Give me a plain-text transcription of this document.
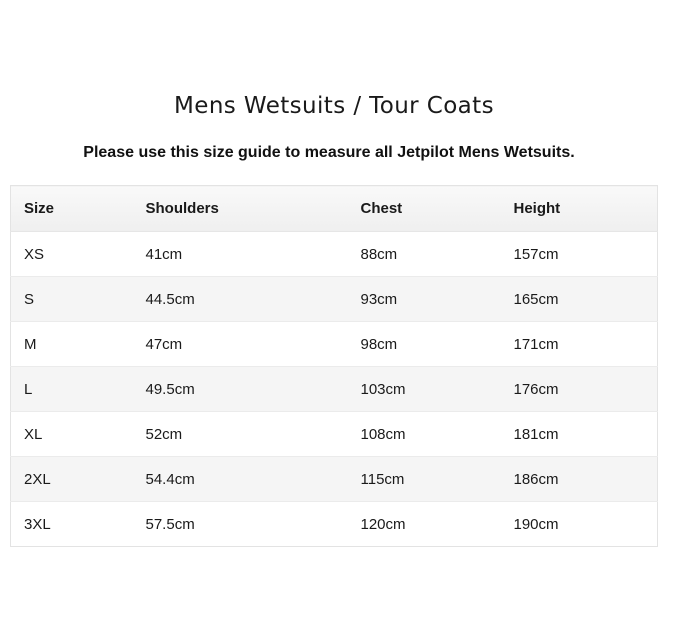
Mens Wetsuits / Tour Coats

Please use this size guide to measure all Jetpilot Mens Wetsuits.

Size	Shoulders	Chest	Height
XS	41cm	88cm	157cm
S	44.5cm	93cm	165cm
M	47cm	98cm	171cm
L	49.5cm	103cm	176cm
XL	52cm	108cm	181cm
2XL	54.4cm	115cm	186cm
3XL	57.5cm	120cm	190cm
